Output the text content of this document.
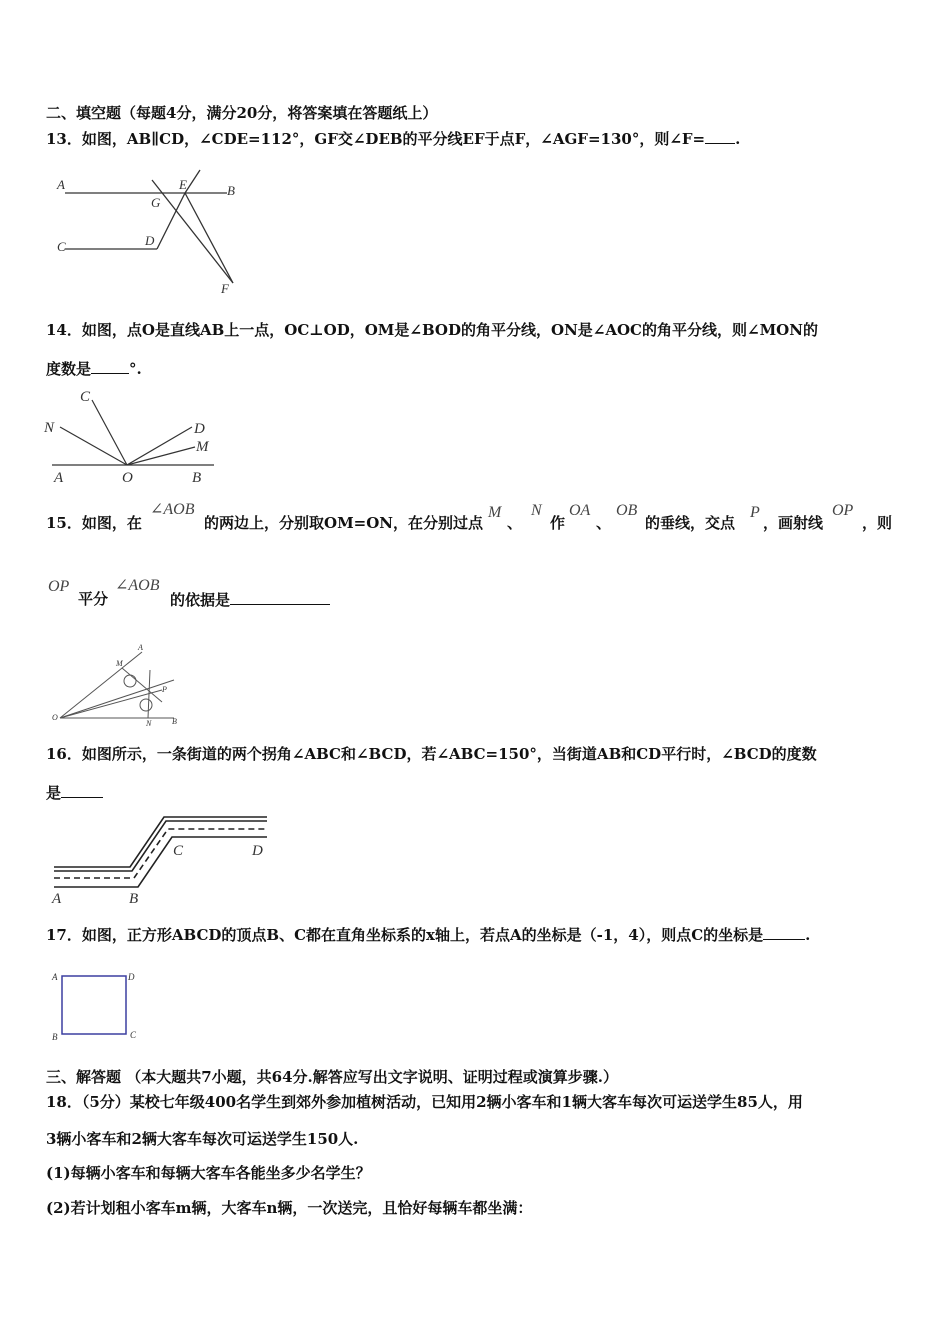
二、填空题（每题4分，满分20分，将答案填在答题纸上）
13．如图，AB∥CD，∠CDE=112°，GF交∠DEB的平分线EF于点F，∠AGF=130°，则∠F= .
A	B
C	D
E
G
F
14．如图，点O是直线AB上一点，OC⊥OD，OM是∠BOD的角平分线，ON是∠AOC的角平分线，则∠MON的
度数是	°.
C
N	D
M
A	O	B
15．如图，在
∠AOB
的两边上，分别取OM=ON，在分别过点
M
、
N
作
OA
、
OB
的垂线，交点
P
，画射线
OP
，则
OP
平分
∠AOB
的依据是
A
M
P
O
N	B
16．如图所示，一条街道的两个拐角∠ABC和∠BCD，若∠ABC=150°，当街道AB和CD平行时，∠BCD的度数
是
A	B
C	D
17．如图，正方形ABCD的顶点B、C都在直角坐标系的x轴上，若点A的坐标是（-1，4），则点C的坐标是	.
A	D
B	C
三、解答题 （本大题共7小题，共64分.解答应写出文字说明、证明过程或演算步骤.）
18．（5分）某校七年级400名学生到郊外参加植树活动，已知用2辆小客车和1辆大客车每次可运送学生85人，用
3辆小客车和2辆大客车每次可运送学生150人.
(1)每辆小客车和每辆大客车各能坐多少名学生？
(2)若计划租小客车m辆，大客车n辆，一次送完，且恰好每辆车都坐满：
